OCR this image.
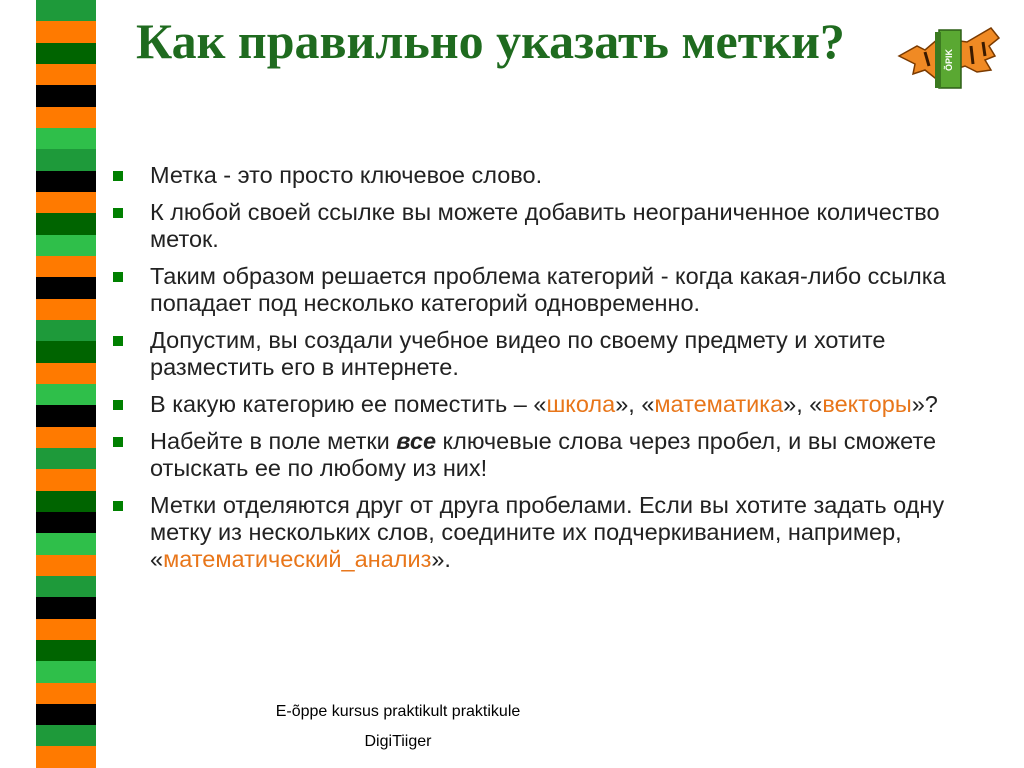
Как правильно указать метки?	ÕPIK
Метка - это просто ключевое слово.
К любой своей ссылке вы можете добавить неограниченное количество меток.
Таким образом решается проблема категорий - когда какая-либо ссылка попадает под несколько категорий одновременно.
Допустим, вы создали учебное видео по своему предмету и хотите разместить его в интернете.
В какую категорию ее поместить – «школа», «математика», «векторы»?
Набейте в поле метки все ключевые слова через пробел, и вы сможете отыскать ее по любому из них!
Метки отделяются друг от друга пробелами. Если вы хотите задать одну метку из нескольких слов, соедините их подчеркиванием, например, «математический_анализ».
E-õppe kursus praktikult praktikule
DigiTiiger
